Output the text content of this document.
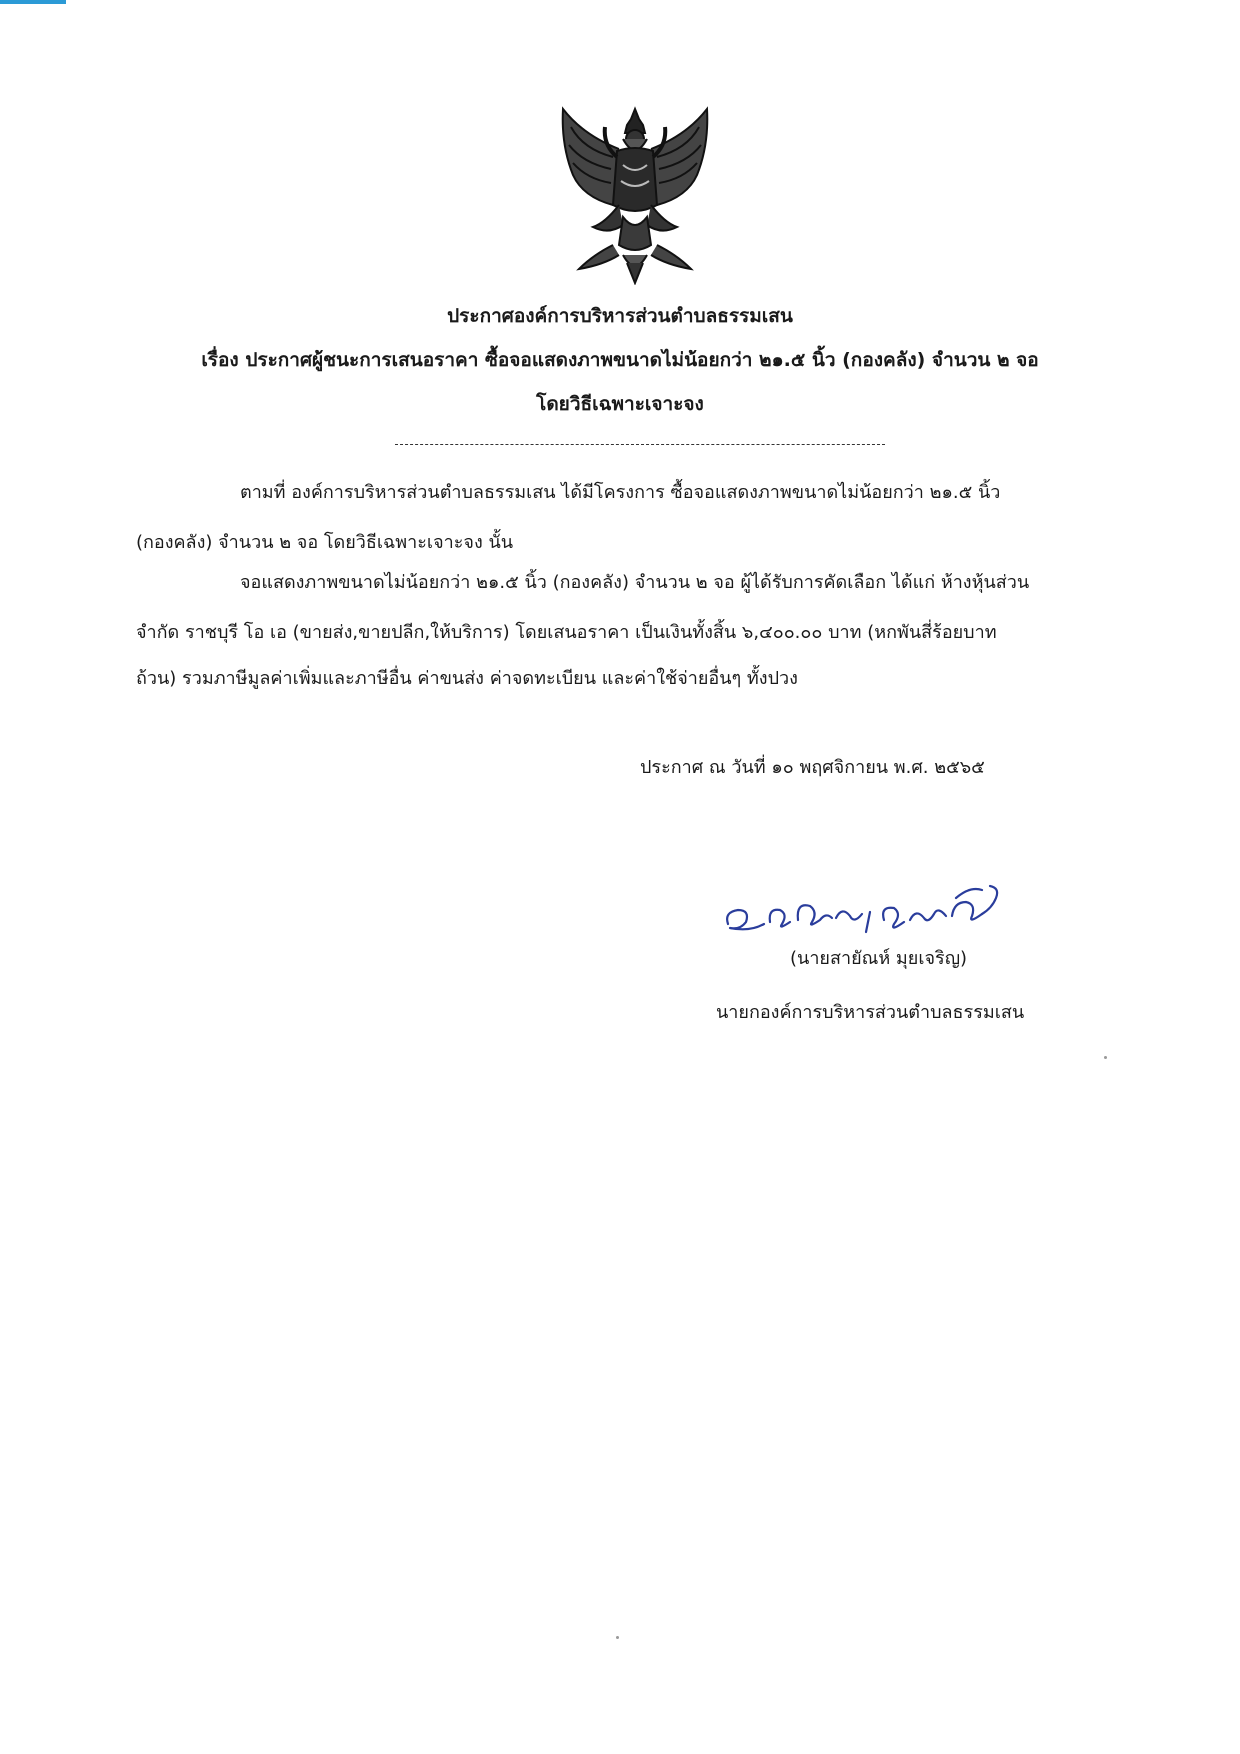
ประกาศองค์การบริหารส่วนตำบลธรรมเสน
เรื่อง ประกาศผู้ชนะการเสนอราคา ซื้อจอแสดงภาพขนาดไม่น้อยกว่า ๒๑.๕ นิ้ว (กองคลัง) จำนวน ๒ จอ
โดยวิธีเฉพาะเจาะจง
ตามที่ องค์การบริหารส่วนตำบลธรรมเสน ได้มีโครงการ ซื้อจอแสดงภาพขนาดไม่น้อยกว่า ๒๑.๕ นิ้ว
(กองคลัง) จำนวน ๒ จอ โดยวิธีเฉพาะเจาะจง นั้น
จอแสดงภาพขนาดไม่น้อยกว่า ๒๑.๕ นิ้ว (กองคลัง) จำนวน ๒ จอ ผู้ได้รับการคัดเลือก ได้แก่ ห้างหุ้นส่วน
จำกัด ราชบุรี โอ เอ (ขายส่ง,ขายปลีก,ให้บริการ) โดยเสนอราคา เป็นเงินทั้งสิ้น ๖,๔๐๐.๐๐ บาท (หกพันสี่ร้อยบาท
ถ้วน) รวมภาษีมูลค่าเพิ่มและภาษีอื่น ค่าขนส่ง ค่าจดทะเบียน และค่าใช้จ่ายอื่นๆ ทั้งปวง
ประกาศ ณ วันที่ ๑๐ พฤศจิกายน พ.ศ. ๒๕๖๕
(นายสายัณห์ มุยเจริญ)
นายกองค์การบริหารส่วนตำบลธรรมเสน
